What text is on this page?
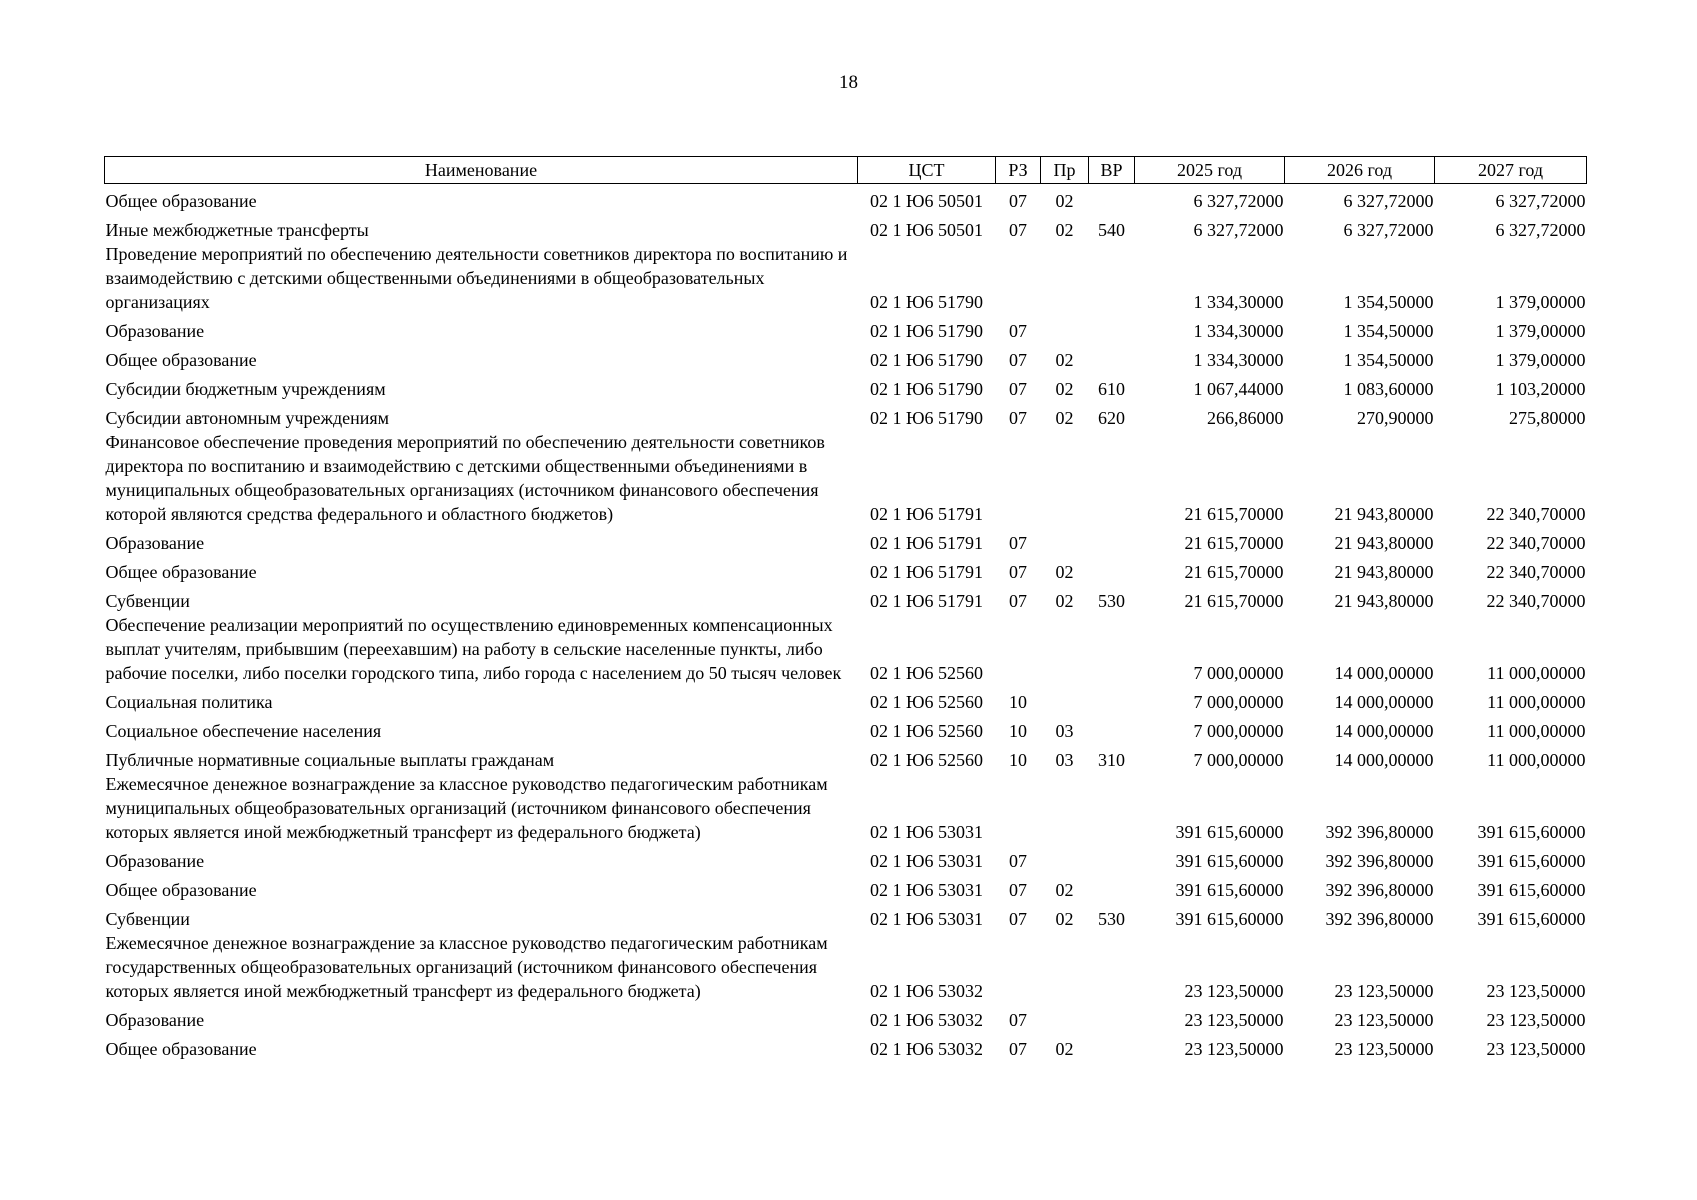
18
Наименование	ЦСТ	РЗ	Пр	ВР	2025 год	2026 год	2027 год
Общее образование	02 1 Ю6 50501	07	02		6 327,72000	6 327,72000	6 327,72000
Иные межбюджетные трансферты	02 1 Ю6 50501	07	02	540	6 327,72000	6 327,72000	6 327,72000
Проведение мероприятий по обеспечению деятельности советников директора по воспитанию и взаимодействию с детскими общественными объединениями в общеобразовательных организациях	02 1 Ю6 51790				1 334,30000	1 354,50000	1 379,00000
Образование	02 1 Ю6 51790	07			1 334,30000	1 354,50000	1 379,00000
Общее образование	02 1 Ю6 51790	07	02		1 334,30000	1 354,50000	1 379,00000
Субсидии бюджетным учреждениям	02 1 Ю6 51790	07	02	610	1 067,44000	1 083,60000	1 103,20000
Субсидии автономным учреждениям	02 1 Ю6 51790	07	02	620	266,86000	270,90000	275,80000
Финансовое обеспечение проведения мероприятий по обеспечению деятельности советников директора по воспитанию и взаимодействию с детскими общественными объединениями в муниципальных общеобразовательных организациях (источником финансового обеспечения которой являются средства федерального и областного бюджетов)	02 1 Ю6 51791				21 615,70000	21 943,80000	22 340,70000
Образование	02 1 Ю6 51791	07			21 615,70000	21 943,80000	22 340,70000
Общее образование	02 1 Ю6 51791	07	02		21 615,70000	21 943,80000	22 340,70000
Субвенции	02 1 Ю6 51791	07	02	530	21 615,70000	21 943,80000	22 340,70000
Обеспечение реализации мероприятий по осуществлению единовременных компенсационных выплат учителям, прибывшим (переехавшим) на работу в сельские населенные пункты, либо рабочие поселки, либо поселки городского типа, либо города с населением до 50 тысяч человек	02 1 Ю6 52560				7 000,00000	14 000,00000	11 000,00000
Социальная политика	02 1 Ю6 52560	10			7 000,00000	14 000,00000	11 000,00000
Социальное обеспечение населения	02 1 Ю6 52560	10	03		7 000,00000	14 000,00000	11 000,00000
Публичные нормативные социальные выплаты гражданам	02 1 Ю6 52560	10	03	310	7 000,00000	14 000,00000	11 000,00000
Ежемесячное денежное вознаграждение за классное руководство педагогическим работникам муниципальных общеобразовательных организаций (источником финансового обеспечения которых является иной межбюджетный трансферт из федерального бюджета)	02 1 Ю6 53031				391 615,60000	392 396,80000	391 615,60000
Образование	02 1 Ю6 53031	07			391 615,60000	392 396,80000	391 615,60000
Общее образование	02 1 Ю6 53031	07	02		391 615,60000	392 396,80000	391 615,60000
Субвенции	02 1 Ю6 53031	07	02	530	391 615,60000	392 396,80000	391 615,60000
Ежемесячное денежное вознаграждение за классное руководство педагогическим работникам государственных общеобразовательных организаций (источником финансового обеспечения которых является иной межбюджетный трансферт из федерального бюджета)	02 1 Ю6 53032				23 123,50000	23 123,50000	23 123,50000
Образование	02 1 Ю6 53032	07			23 123,50000	23 123,50000	23 123,50000
Общее образование	02 1 Ю6 53032	07	02		23 123,50000	23 123,50000	23 123,50000
